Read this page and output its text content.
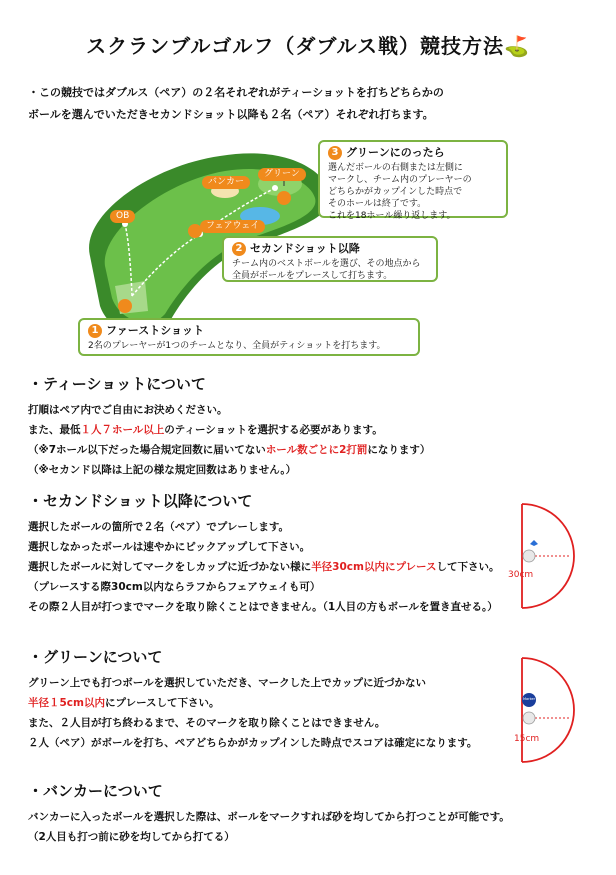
スクランブルゴルフ（ダブルス戦）競技方法⛳
・この競技ではダブルス（ペア）の２名それぞれがティーショットを打ちどちらかの
ボールを選んでいただきセカンドショット以降も２名（ペア）それぞれ打ちます。
OB
バンカー
グリーン
フェアウェイ
3 グリーンにのったら
選んだボールの右側または左側に
マークし、チーム内のプレーヤーの
どちらかがカップインした時点で
そのホールは終了です。
これを18ホール繰り返します。
2 セカンドショット以降
チーム内のベストボールを選び、その地点から
全員がボールをプレースして打ちます。
1 ファーストショット
2名のプレーヤーが1つのチームとなり、全員がティショットを打ちます。
・ティーショットについて

打順はペア内でご自由にお決めください。

また、最低１人７ホール以上のティーショットを選択する必要があります。

（※7ホール以下だった場合規定回数に届いてないホール数ごとに2打罰になります）

（※セカンド以降は上記の様な規定回数はありません。）

・セカンドショット以降について

選択したボールの箇所で２名（ペア）でプレーします。

選択しなかったボールは速やかにピックアップして下さい。

選択したボールに対してマークをしカップに近づかない様に半径30cm以内にプレースして下さい。

（プレースする際30cm以内ならラフからフェアウェイも可）

その際２人目が打つまでマークを取り除くことはできません。（1人目の方もボールを置き直せる。）

30cm
・グリーンについて

グリーン上でも打つボールを選択していただき、マークした上でカップに近づかない

半径１5cm以内にプレースして下さい。

また、２人目が打ち終わるまで、そのマークを取り除くことはできません。

２人（ペア）がボールを打ち、ペアどちらかがカップインした時点でスコアは確定になります。

Marker
15cm
・バンカーについて

バンカーに入ったボールを選択した際は、ボールをマークすれば砂を均してから打つことが可能です。

（2人目も打つ前に砂を均してから打てる）
